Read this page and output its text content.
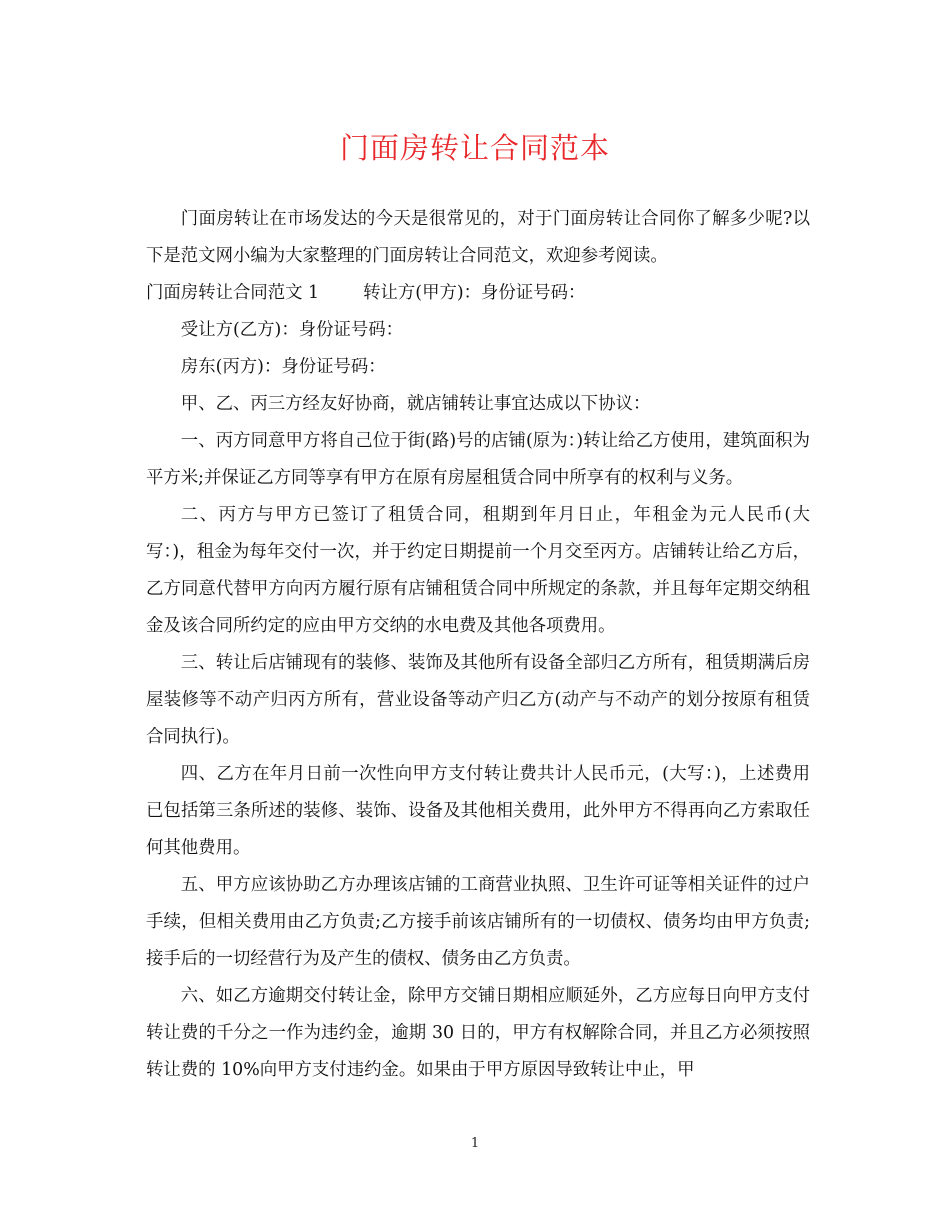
门面房转让合同范本

门面房转让在市场发达的今天是很常见的，对于门面房转让合同你了解多少呢?以下是范文网小编为大家整理的门面房转让合同范文，欢迎参考阅读。

门面房转让合同范文 1	转让方(甲方)：身份证号码：

受让方(乙方)：身份证号码：

房东(丙方)：身份证号码：

甲、乙、丙三方经友好协商，就店铺转让事宜达成以下协议：

一、丙方同意甲方将自己位于街(路)号的店铺(原为：)转让给乙方使用，建筑面积为平方米;并保证乙方同等享有甲方在原有房屋租赁合同中所享有的权利与义务。

二、丙方与甲方已签订了租赁合同，租期到年月日止，年租金为元人民币(大写：)，租金为每年交付一次，并于约定日期提前一个月交至丙方。店铺转让给乙方后，乙方同意代替甲方向丙方履行原有店铺租赁合同中所规定的条款，并且每年定期交纳租金及该合同所约定的应由甲方交纳的水电费及其他各项费用。

三、转让后店铺现有的装修、装饰及其他所有设备全部归乙方所有，租赁期满后房屋装修等不动产归丙方所有，营业设备等动产归乙方(动产与不动产的划分按原有租赁合同执行)。

四、乙方在年月日前一次性向甲方支付转让费共计人民币元，(大写：)，上述费用已包括第三条所述的装修、装饰、设备及其他相关费用，此外甲方不得再向乙方索取任何其他费用。

五、甲方应该协助乙方办理该店铺的工商营业执照、卫生许可证等相关证件的过户手续，但相关费用由乙方负责;乙方接手前该店铺所有的一切债权、债务均由甲方负责;接手后的一切经营行为及产生的债权、债务由乙方负责。

六、如乙方逾期交付转让金，除甲方交铺日期相应顺延外，乙方应每日向甲方支付转让费的千分之一作为违约金，逾期 30 日的，甲方有权解除合同，并且乙方必须按照转让费的 10%向甲方支付违约金。如果由于甲方原因导致转让中止，甲

1
